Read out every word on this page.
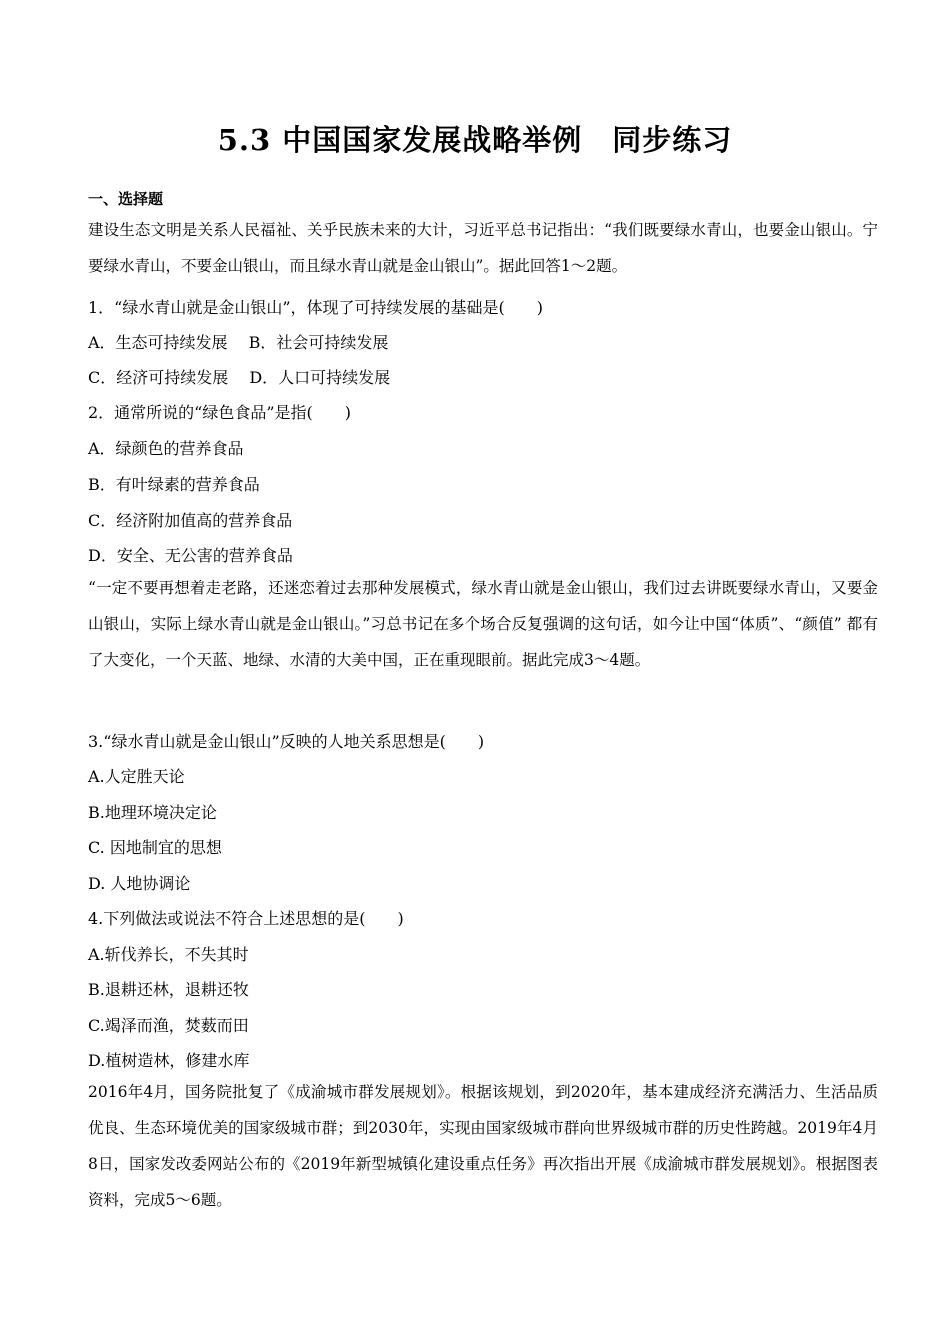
5.3 中国国家发展战略举例　同步练习
一、选择题
建设生态文明是关系人民福祉、关乎民族未来的大计，习近平总书记指出：“我们既要绿水青山，也要金山银山。宁要绿水青山，不要金山银山，而且绿水青山就是金山银山”。据此回答1～2题。
1．“绿水青山就是金山银山”，体现了可持续发展的基础是(　　)
A．生态可持续发展　 B．社会可持续发展
C．经济可持续发展　 D．人口可持续发展
2．通常所说的“绿色食品”是指(　　)
A．绿颜色的营养食品
B．有叶绿素的营养食品
C．经济附加值高的营养食品
D．安全、无公害的营养食品
“一定不要再想着走老路，还迷恋着过去那种发展模式，绿水青山就是金山银山，我们过去讲既要绿水青山，又要金山银山，实际上绿水青山就是金山银山。”习总书记在多个场合反复强调的这句话，如今让中国“体质”、“颜值” 都有了大变化，一个天蓝、地绿、水清的大美中国，正在重现眼前。据此完成3～4题。
3.“绿水青山就是金山银山”反映的人地关系思想是(　　)
A.人定胜天论
B.地理环境决定论
C. 因地制宜的思想
D. 人地协调论
4.下列做法或说法不符合上述思想的是(　　)
A.斩伐养长，不失其时
B.退耕还林，退耕还牧
C.竭泽而渔，焚薮而田
D.植树造林，修建水库
2016年4月，国务院批复了《成渝城市群发展规划》。根据该规划，到2020年，基本建成经济充满活力、生活品质优良、生态环境优美的国家级城市群；到2030年，实现由国家级城市群向世界级城市群的历史性跨越。2019年4月8日，国家发改委网站公布的《2019年新型城镇化建设重点任务》再次指出开展《成渝城市群发展规划》。根据图表资料，完成5～6题。
